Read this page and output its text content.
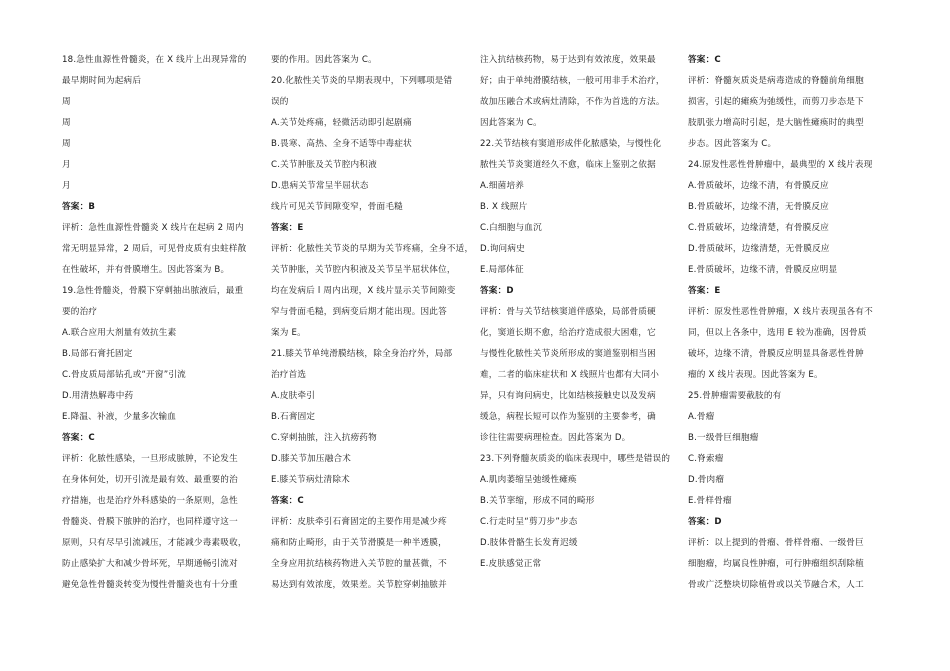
18.急性血源性骨髓炎，在 X 线片上出现异常的
最早期时间为起病后
周
周
周
月
月
答案：B
评析：急性血源性骨髓炎 X 线片在起病 2 周内
常无明显异常，2 周后，可见骨皮质有虫蛀样散
在性破坏，并有骨膜增生。因此答案为 B。
19.急性骨髓炎，骨膜下穿刺抽出脓液后，最重
要的治疗
A.联合应用大剂量有效抗生素
B.局部石膏托固定
C.骨皮质局部钻孔或“开窗”引流
D.用清热解毒中药
E.降温、补液，少量多次输血
答案：C
评析：化脓性感染，一旦形成脓肿，不论发生
在身体何处，切开引流是最有效、最重要的治
疗措施，也是治疗外科感染的一条原则，急性
骨髓炎、骨膜下脓肿的治疗，也同样遵守这一
原则，只有尽早引流减压，才能减少毒素吸收，
防止感染扩大和减少骨坏死，早期通畅引流对
避免急性骨髓炎转变为慢性骨髓炎也有十分重
要的作用。因此答案为 C。
20.化脓性关节炎的早期表现中，下列哪项是错
误的
A.关节处疼痛，轻微活动即引起剧痛
B.畏寒、高热、全身不适等中毒症状
C.关节肿胀及关节腔内积液
D.患病关节常呈半屈状态
线片可见关节间隙变窄，骨面毛糙
答案：E
评析：化脓性关节炎的早期为关节疼痛，全身不适，
关节肿胀，关节腔内积液及关节呈半屈状体位，
均在发病后 l 周内出现，X 线片显示关节间隙变
窄与骨面毛糙，到病变后期才能出现。因此答
案为 E。
21.膝关节单纯滑膜结核，除全身治疗外，局部
治疗首选
A.皮肤牵引
B.石膏固定
C.穿刺抽脓，注入抗痨药物
D.膝关节加压融合术
E.膝关节病灶清除术
答案：C
评析：皮肤牵引石膏固定的主要作用是减少疼
痛和防止畸形，由于关节滑膜是一种半透膜，
全身应用抗结核药物进入关节腔的量甚微，不
易达到有效浓度，效果差。关节腔穿刺抽脓并
注入抗结核药物，易于达到有效浓度，效果最
好；由于单纯滑膜结核，一般可用非手术治疗，
故加压融合术或病灶清除，不作为首选的方法。
因此答案为 C。
22.关节结核有窦道形成伴化脓感染，与慢性化
脓性关节炎窦道经久不愈，临床上鉴别之依据
A.细菌培养
B. X 线照片
C.白细胞与血沉
D.询问病史
E.局部体征
答案：D
评析：骨与关节结核窦道伴感染，局部骨质硬
化，窦道长期不愈，给治疗造成很大困难，它
与慢性化脓性关节炎所形成的窦道鉴别相当困
难，二者的临床症状和 X 线照片也都有大同小
异，只有询问病史，比如结核接触史以及发病
缓急，病程长短可以作为鉴别的主要参考，确
诊往往需要病理检查。因此答案为 D。
23.下列脊髓灰质炎的临床表现中，哪些是错误的
A.肌肉萎缩呈弛缓性瘫痪
B.关节挛缩，形成不同的畸形
C.行走时呈“剪刀步”步态
D.肢体骨骼生长发育迟缓
E.皮肤感觉正常
答案：C
评析：脊髓灰质炎是病毒造成的脊髓前角细胞
损害，引起的瘫痪为弛缓性，而剪刀步态是下
肢肌张力增高时引起，是大脑性瘫痪时的典型
步态。因此答案为 C。
24.原发性恶性骨肿瘤中，最典型的 X 线片表现
A.骨质破坏，边缘不清，有骨膜反应
B.骨质破坏，边缘不清，无骨膜反应
C.骨质破坏，边缘清楚，有骨膜反应
D.骨质破坏，边缘清楚，无骨膜反应
E.骨质破坏，边缘不清，骨膜反应明显
答案：E
评析：原发性恶性骨肿瘤，X 线片表现虽各有不
同，但以上各条中，选用 E 较为准确，因骨质
破坏，边缘不清，骨膜反应明显具备恶性骨肿
瘤的 X 线片表现。因此答案为 E。
25.骨肿瘤需要截肢的有
A.骨瘤
B.一级骨巨细胞瘤
C.脊索瘤
D.骨肉瘤
E.骨样骨瘤
答案：D
评析：以上提到的骨瘤、骨样骨瘤、一级骨巨
细胞瘤，均属良性肿瘤，可行肿瘤组织刮除植
骨或广泛整块切除植骨或以关节融合术，人工
